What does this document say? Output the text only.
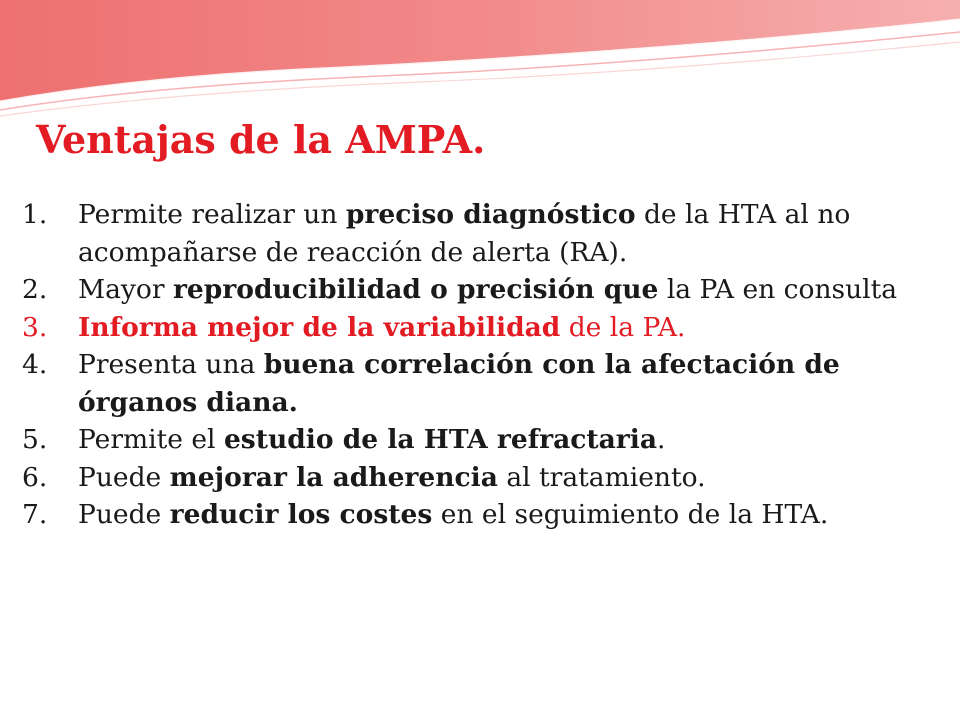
Ventajas de la AMPA.
1. Permite realizar un preciso diagnóstico de la HTA al no acompañarse de reacción de alerta (RA).
2. Mayor reproducibilidad o precisión que la PA en consulta
3. Informa mejor de la variabilidad de la PA.
4. Presenta una buena correlación con la afectación de órganos diana.
5. Permite el estudio de la HTA refractaria.
6. Puede mejorar la adherencia al tratamiento.
7. Puede reducir los costes en el seguimiento de la HTA.
